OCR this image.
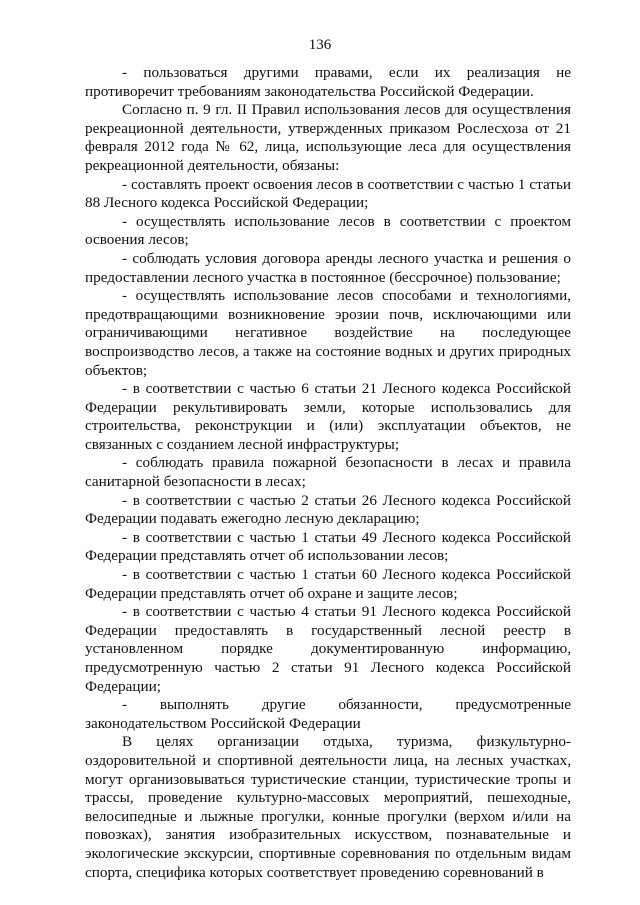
136

- пользоваться другими правами, если их реализация не противоречит требованиям законодательства Российской Федерации.

Согласно п. 9 гл. II Правил использования лесов для осуществления рекреационной деятельности, утвержденных приказом Рослесхоза от 21 февраля 2012 года № 62, лица, использующие леса для осуществления рекреационной деятельности, обязаны:

- составлять проект освоения лесов в соответствии с частью 1 статьи 88 Лесного кодекса Российской Федерации;

- осуществлять использование лесов в соответствии с проектом освоения лесов;

- соблюдать условия договора аренды лесного участка и решения о предоставлении лесного участка в постоянное (бессрочное) пользование;

- осуществлять использование лесов способами и технологиями, предотвращающими возникновение эрозии почв, исключающими или ограничивающими негативное воздействие на последующее воспроизводство лесов, а также на состояние водных и других природных объектов;

- в соответствии с частью 6 статьи 21 Лесного кодекса Российской Федерации рекультивировать земли, которые использовались для строительства, реконструкции и (или) эксплуатации объектов, не связанных с созданием лесной инфраструктуры;

- соблюдать правила пожарной безопасности в лесах и правила санитарной безопасности в лесах;

- в соответствии с частью 2 статьи 26 Лесного кодекса Российской Федерации подавать ежегодно лесную декларацию;

- в соответствии с частью 1 статьи 49 Лесного кодекса Российской Федерации представлять отчет об использовании лесов;

- в соответствии с частью 1 статьи 60 Лесного кодекса Российской Федерации представлять отчет об охране и защите лесов;

- в соответствии с частью 4 статьи 91 Лесного кодекса Российской Федерации предоставлять в государственный лесной реестр в установленном порядке документированную информацию, предусмотренную частью 2 статьи 91 Лесного кодекса Российской Федерации;

- выполнять другие обязанности, предусмотренные законодательством Российской Федерации

В целях организации отдыха, туризма, физкультурно-оздоровительной и спортивной деятельности лица, на лесных участках, могут организовываться туристические станции, туристические тропы и трассы, проведение культурно-массовых мероприятий, пешеходные, велосипедные и лыжные прогулки, конные прогулки (верхом и/или на повозках), занятия изобразительных искусством, познавательные и экологические экскурсии, спортивные соревнования по отдельным видам спорта, специфика которых соответствует проведению соревнований в
